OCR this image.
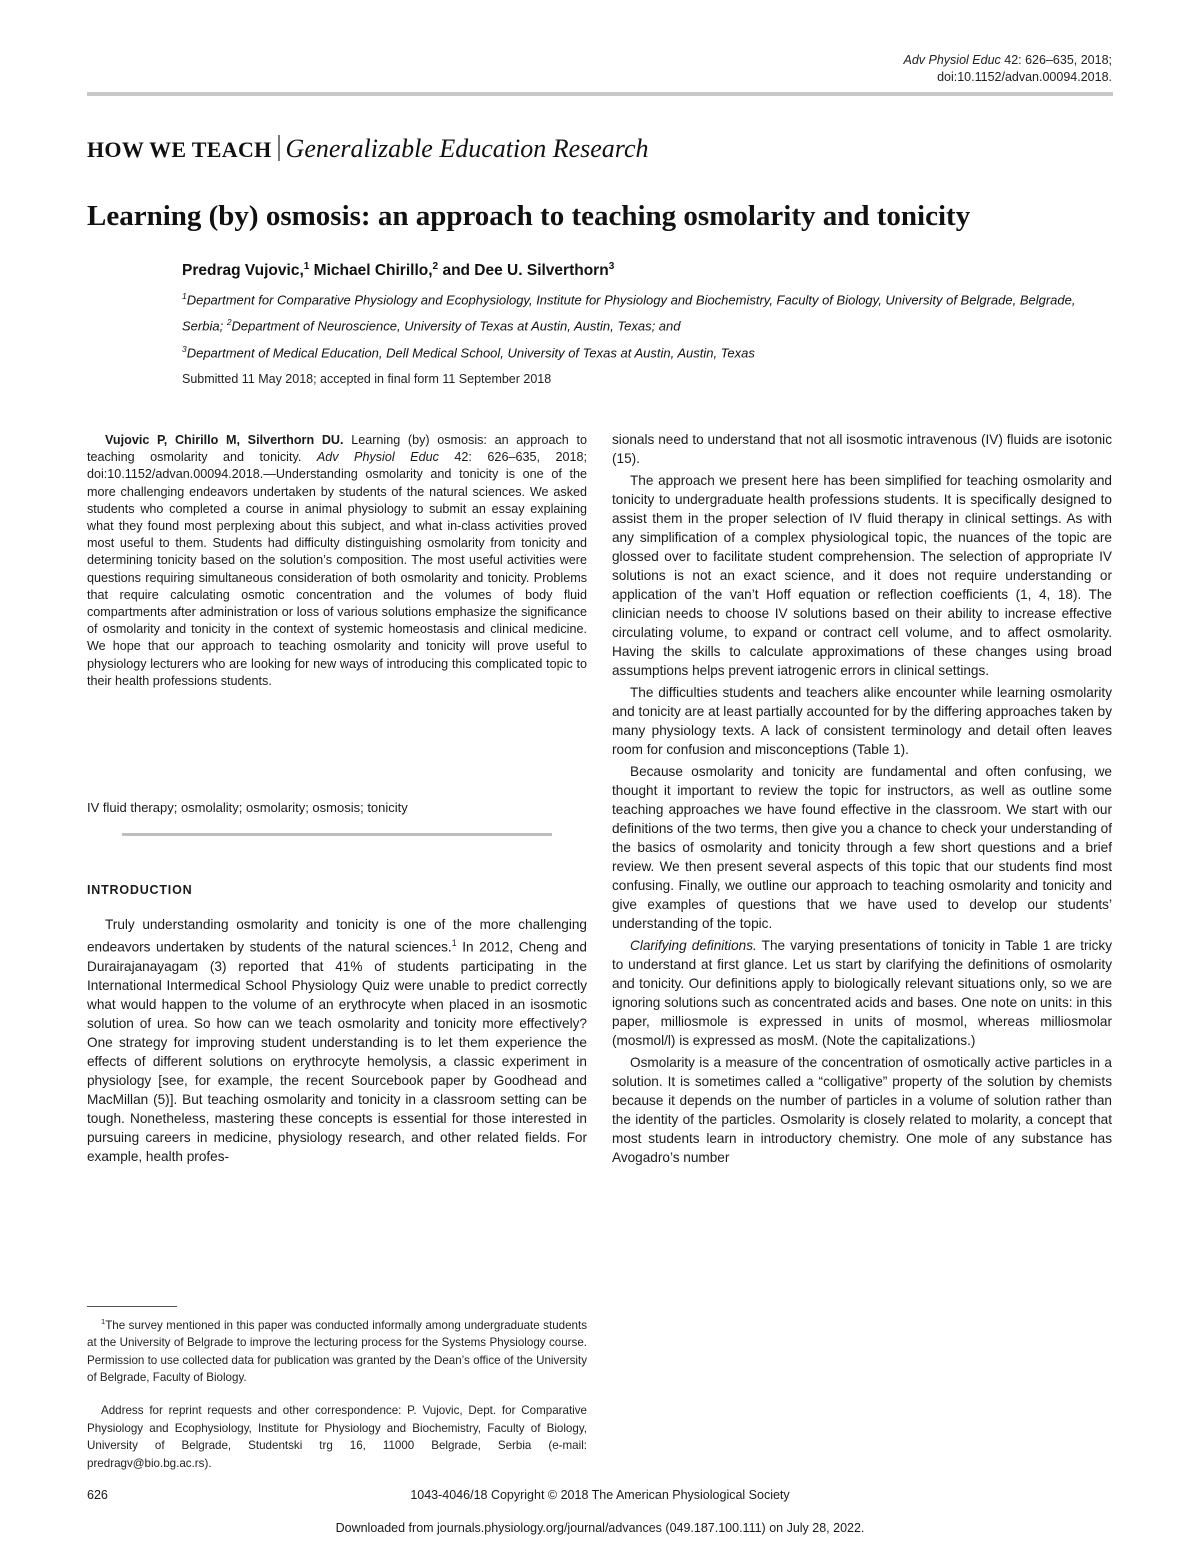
Adv Physiol Educ 42: 626–635, 2018;
doi:10.1152/advan.00094.2018.
HOW WE TEACH Generalizable Education Research
Learning (by) osmosis: an approach to teaching osmolarity and tonicity
Predrag Vujovic,$^1$ Michael Chirillo,$^2$ and Dee U. Silverthorn$^3$
$^1$Department for Comparative Physiology and Ecophysiology, Institute for Physiology and Biochemistry, Faculty of Biology, University of Belgrade, Belgrade, Serbia; $^2$Department of Neuroscience, University of Texas at Austin, Austin, Texas; and
$^3$Department of Medical Education, Dell Medical School, University of Texas at Austin, Austin, Texas
Submitted 11 May 2018; accepted in final form 11 September 2018
Vujovic P, Chirillo M, Silverthorn DU. Learning (by) osmosis: an approach to teaching osmolarity and tonicity. Adv Physiol Educ 42: 626–635, 2018; doi:10.1152/advan.00094.2018.—Understanding osmolarity and tonicity is one of the more challenging endeavors undertaken by students of the natural sciences. We asked students who completed a course in animal physiology to submit an essay explaining what they found most perplexing about this subject, and what in-class activities proved most useful to them. Students had difficulty distinguishing osmolarity from tonicity and determining tonicity based on the solution’s composition. The most useful activities were questions requiring simultaneous consideration of both osmolarity and tonicity. Problems that require calculating osmotic concentration and the volumes of body fluid compartments after administration or loss of various solutions emphasize the significance of osmolarity and tonicity in the context of systemic homeostasis and clinical medicine. We hope that our approach to teaching osmolarity and tonicity will prove useful to physiology lecturers who are looking for new ways of introducing this complicated topic to their health professions students.
IV fluid therapy; osmolality; osmolarity; osmosis; tonicity
INTRODUCTION

Truly understanding osmolarity and tonicity is one of the more challenging endeavors undertaken by students of the natural sciences.$^1$ In 2012, Cheng and Durairajanayagam (3) reported that 41% of students participating in the International Intermedical School Physiology Quiz were unable to predict correctly what would happen to the volume of an erythrocyte when placed in an isosmotic solution of urea. So how can we teach osmolarity and tonicity more effectively? One strategy for improving student understanding is to let them experience the effects of different solutions on erythrocyte hemolysis, a classic experiment in physiology [see, for example, the recent Sourcebook paper by Goodhead and MacMillan (5)]. But teaching osmolarity and tonicity in a classroom setting can be tough. Nonetheless, mastering these concepts is essential for those interested in pursuing careers in medicine, physiology research, and other related fields. For example, health profes-

$^1$The survey mentioned in this paper was conducted informally among undergraduate students at the University of Belgrade to improve the lecturing process for the Systems Physiology course. Permission to use collected data for publication was granted by the Dean’s office of the University of Belgrade, Faculty of Biology.
Address for reprint requests and other correspondence: P. Vujovic, Dept. for Comparative Physiology and Ecophysiology, Institute for Physiology and Biochemistry, Faculty of Biology, University of Belgrade, Studentski trg 16, 11000 Belgrade, Serbia (e-mail: predragv@bio.bg.ac.rs).

sionals need to understand that not all isosmotic intravenous (IV) fluids are isotonic (15).

The approach we present here has been simplified for teaching osmolarity and tonicity to undergraduate health professions students. It is specifically designed to assist them in the proper selection of IV fluid therapy in clinical settings. As with any simplification of a complex physiological topic, the nuances of the topic are glossed over to facilitate student comprehension. The selection of appropriate IV solutions is not an exact science, and it does not require understanding or application of the van’t Hoff equation or reflection coefficients (1, 4, 18). The clinician needs to choose IV solutions based on their ability to increase effective circulating volume, to expand or contract cell volume, and to affect osmolarity. Having the skills to calculate approximations of these changes using broad assumptions helps prevent iatrogenic errors in clinical settings.

The difficulties students and teachers alike encounter while learning osmolarity and tonicity are at least partially accounted for by the differing approaches taken by many physiology texts. A lack of consistent terminology and detail often leaves room for confusion and misconceptions (Table 1).

Because osmolarity and tonicity are fundamental and often confusing, we thought it important to review the topic for instructors, as well as outline some teaching approaches we have found effective in the classroom. We start with our definitions of the two terms, then give you a chance to check your understanding of the basics of osmolarity and tonicity through a few short questions and a brief review. We then present several aspects of this topic that our students find most confusing. Finally, we outline our approach to teaching osmolarity and tonicity and give examples of questions that we have used to develop our students’ understanding of the topic.

Clarifying definitions. The varying presentations of tonicity in Table 1 are tricky to understand at first glance. Let us start by clarifying the definitions of osmolarity and tonicity. Our definitions apply to biologically relevant situations only, so we are ignoring solutions such as concentrated acids and bases. One note on units: in this paper, milliosmole is expressed in units of mosmol, whereas milliosmolar (mosmol/l) is expressed as mosM. (Note the capitalizations.)

Osmolarity is a measure of the concentration of osmotically active particles in a solution. It is sometimes called a “colligative” property of the solution by chemists because it depends on the number of particles in a volume of solution rather than the identity of the particles. Osmolarity is closely related to molarity, a concept that most students learn in introductory chemistry. One mole of any substance has Avogadro’s number

626	1043-4046/18 Copyright © 2018 The American Physiological Society
Downloaded from journals.physiology.org/journal/advances (049.187.100.111) on July 28, 2022.
